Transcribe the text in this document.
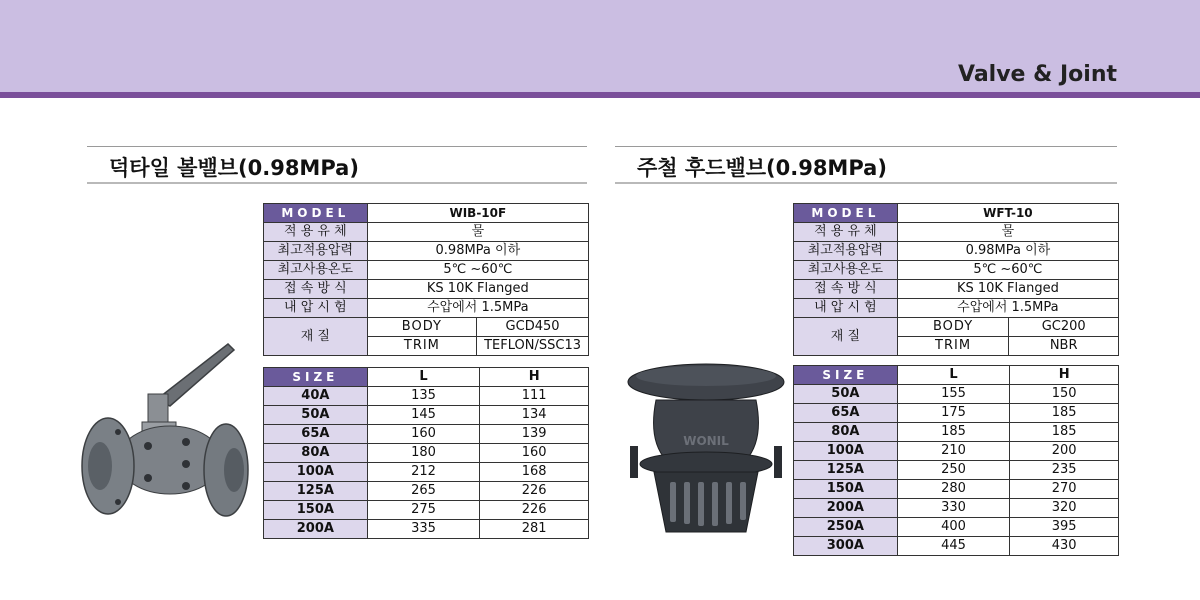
Valve & Joint
덕타일 볼밸브(0.98MPa)	주철 후드밸브(0.98MPa)
WONIL
MODEL	WIB-10F	
적 용 유 체	물	
최고적용압력	0.98MPa 이하	
최고사용온도	5℃ ~60℃	
접 속 방 식	KS 10K Flanged	
내 압 시 험	수압에서 1.5MPa	
재 질	BODY	GCD450
	TRIM	TEFLON/SSC13
SIZE	L	H
40A	135	111
50A	145	134
65A	160	139
80A	180	160
100A	212	168
125A	265	226
150A	275	226
200A	335	281
MODEL	WFT-10	
적 용 유 체	물	
최고적용압력	0.98MPa 이하	
최고사용온도	5℃ ~60℃	
접 속 방 식	KS 10K Flanged	
내 압 시 험	수압에서 1.5MPa	
재 질	BODY	GC200
	TRIM	NBR
SIZE	L	H
50A	155	150
65A	175	185
80A	185	185
100A	210	200
125A	250	235
150A	280	270
200A	330	320
250A	400	395
300A	445	430
